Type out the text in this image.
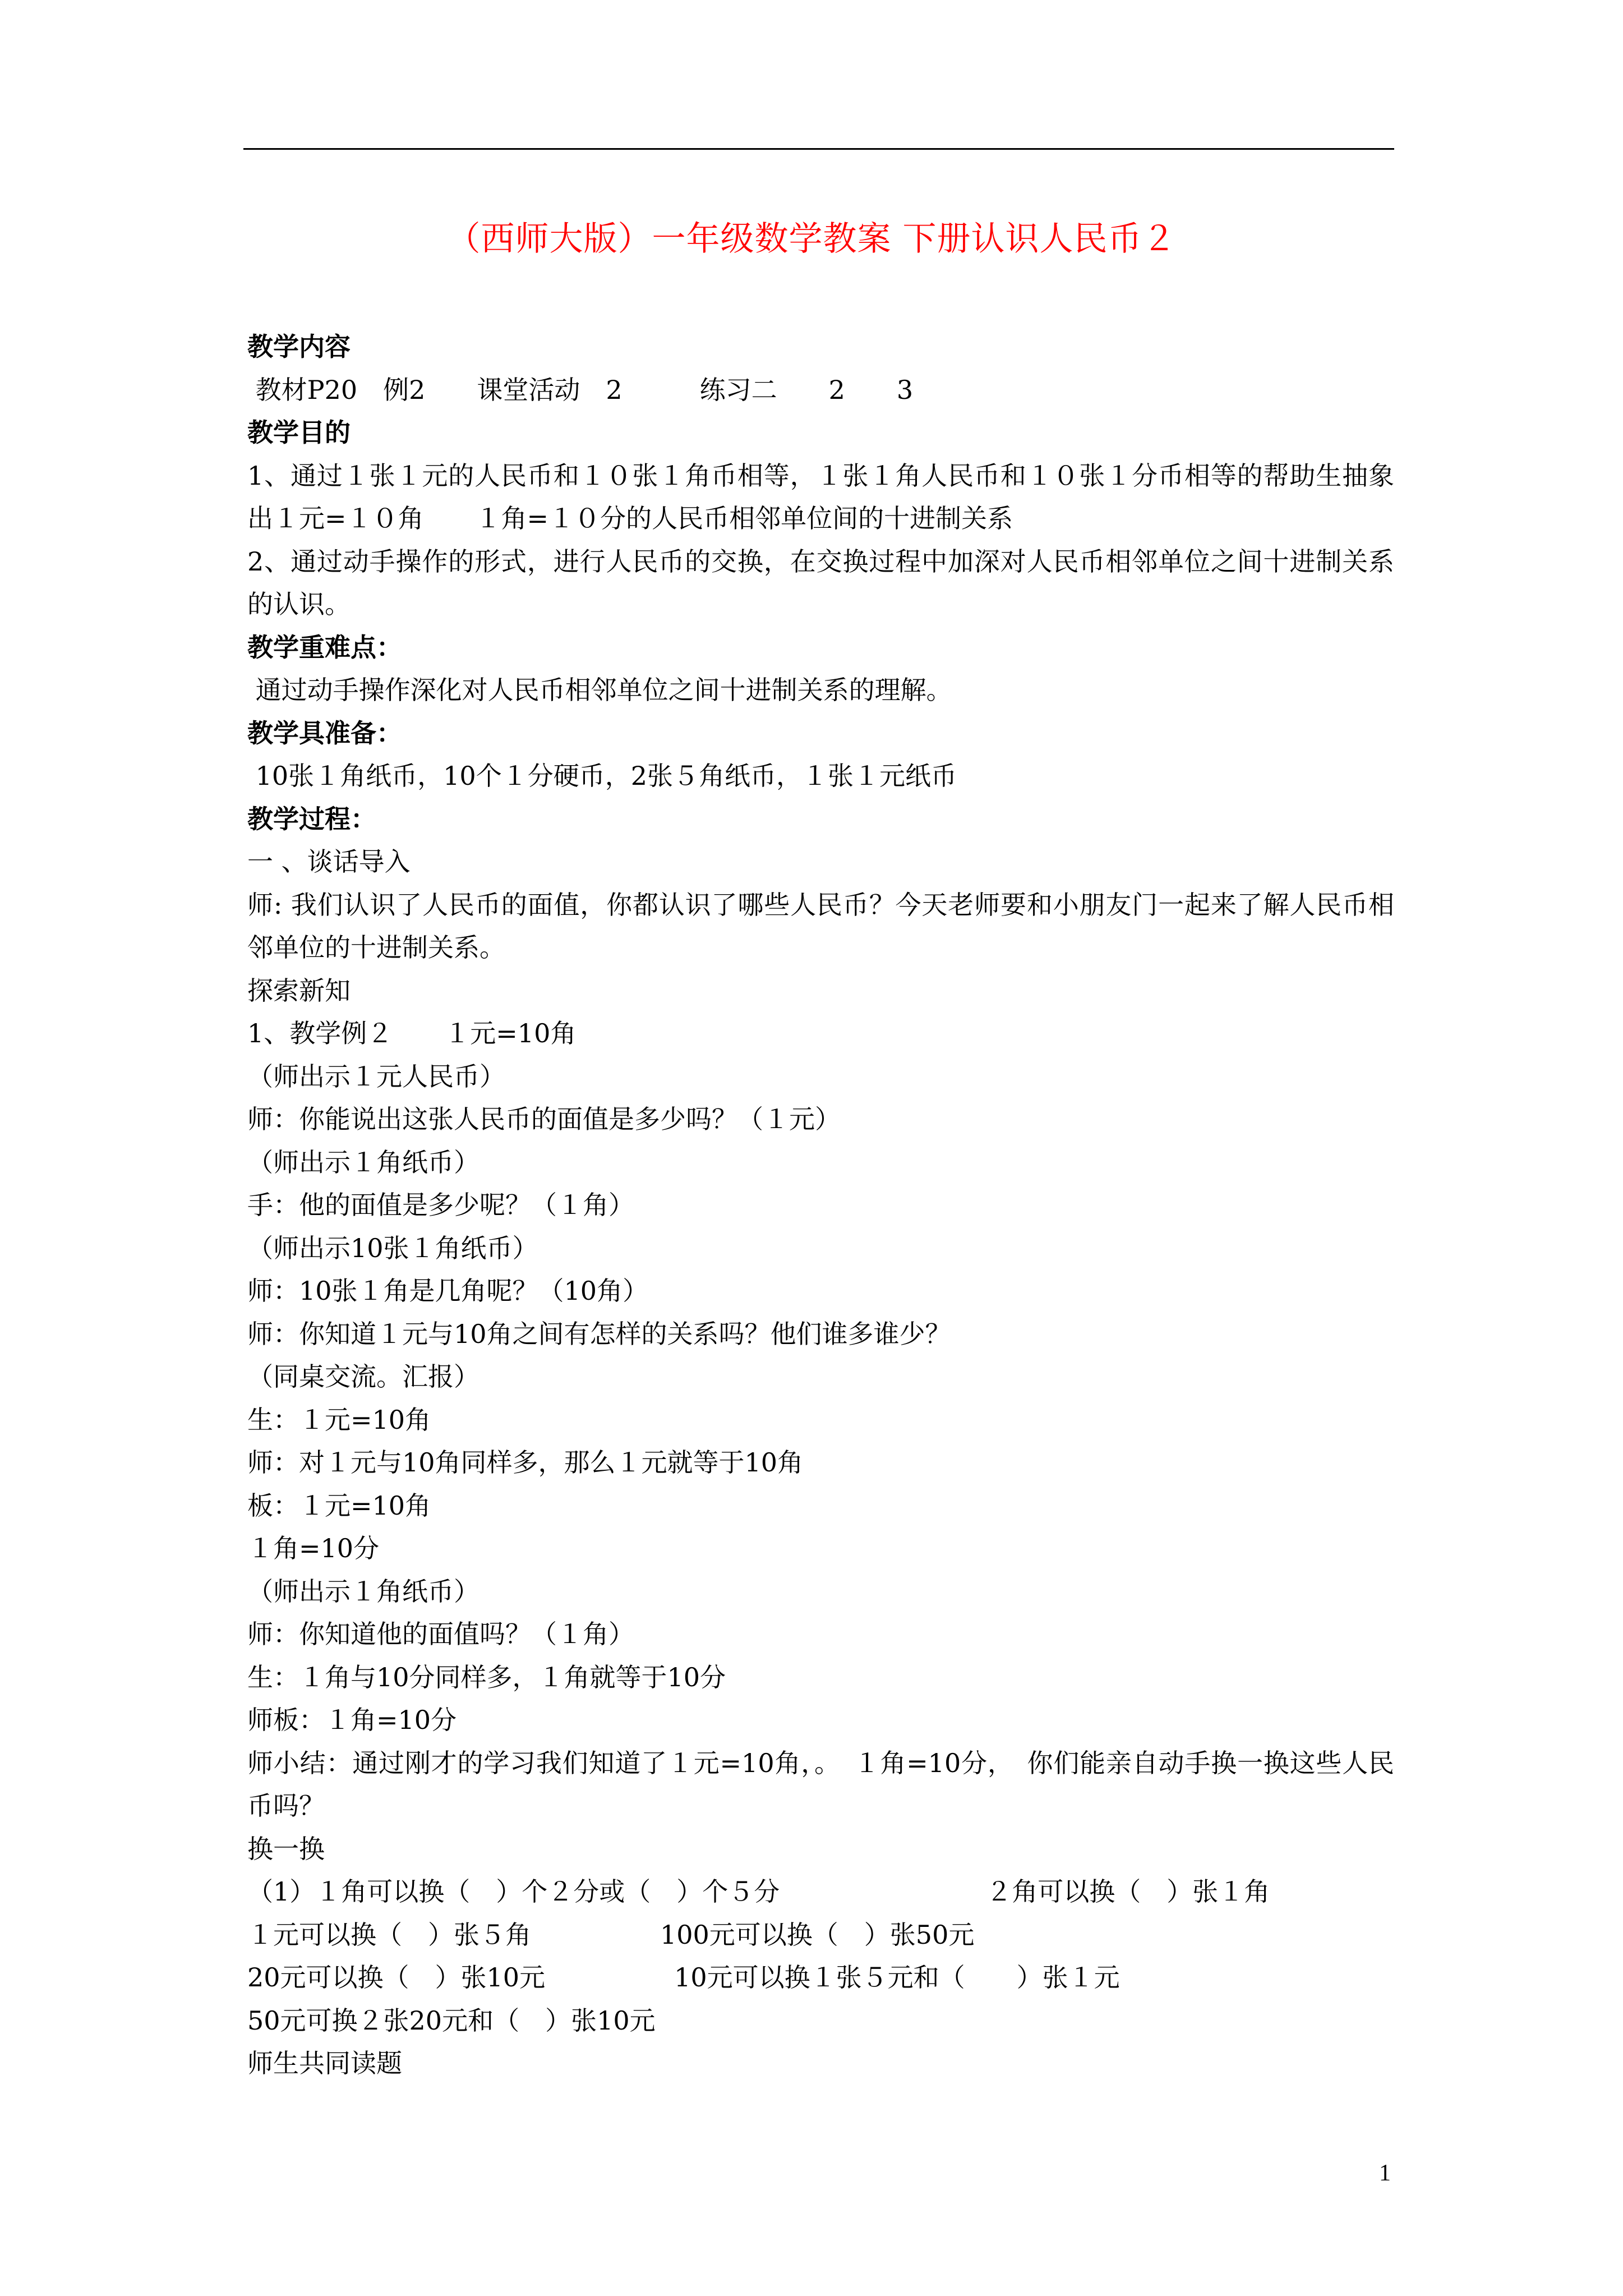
（西师大版）一年级数学教案 下册认识人民币２
教学内容
教材P20　例2　　课堂活动　2　　　练习二　　2　　3
教学目的
1、通过１张１元的人民币和１０张１角币相等，１张１角人民币和１０张１分币相等的帮助生抽象出１元=１０角　　１角=１０分的人民币相邻单位间的十进制关系
2、通过动手操作的形式，进行人民币的交换，在交换过程中加深对人民币相邻单位之间十进制关系的认识。
教学重难点：
通过动手操作深化对人民币相邻单位之间十进制关系的理解。
教学具准备：
10张１角纸币，10个１分硬币，2张５角纸币，１张１元纸币
教学过程：
一 、谈话导入
师: 我们认识了人民币的面值，你都认识了哪些人民币？今天老师要和小朋友门一起来了解人民币相邻单位的十进制关系。
探索新知
1、教学例２　　１元=10角
（师出示１元人民币）
师：你能说出这张人民币的面值是多少吗？（１元）
（师出示１角纸币）
手：他的面值是多少呢？（１角）
（师出示10张１角纸币）
师：10张１角是几角呢？（10角）
师：你知道１元与10角之间有怎样的关系吗？他们谁多谁少？
（同桌交流。汇报）
生：１元=10角
师：对１元与10角同样多，那么１元就等于10角
板：１元=10角
１角=10分
（师出示１角纸币）
师：你知道他的面值吗？（１角）
生：１角与10分同样多，１角就等于10分
师板：１角=10分
师小结：通过刚才的学习我们知道了１元=10角，。　１角=10分，　你们能亲自动手换一换这些人民币吗？
换一换
（1）１角可以换（　）个２分或（　）个５分　　　　　　　　２角可以换（　）张１角
１元可以换（　）张５角　　　　　100元可以换（　）张50元
20元可以换（　）张10元　　　　　10元可以换１张５元和（　　）张１元
50元可换２张20元和（　）张10元
师生共同读题
1
